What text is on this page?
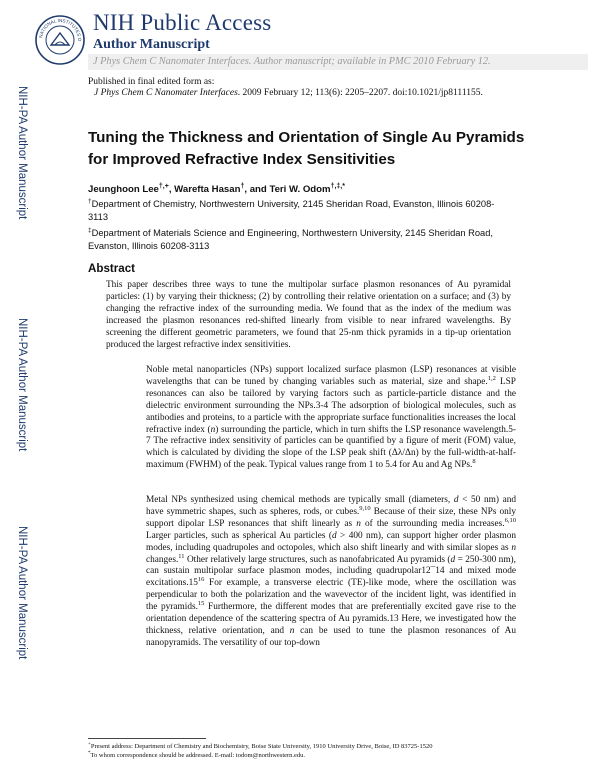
NATIONAL INSTITUTES O
NIH Public Access
Author Manuscript
J Phys Chem C Nanomater Interfaces. Author manuscript; available in PMC 2010 February 12.
Published in final edited form as:
J Phys Chem C Nanomater Interfaces. 2009 February 12; 113(6): 2205–2207. doi:10.1021/jp8111155.
NIH-PA Author Manuscript
NIH-PA Author Manuscript
NIH-PA Author Manuscript
Tuning the Thickness and Orientation of Single Au Pyramids for Improved Refractive Index Sensitivities
Jeunghoon Lee†,+, Warefta Hasan†, and Teri W. Odom†,‡,*
†Department of Chemistry, Northwestern University, 2145 Sheridan Road, Evanston, Illinois 60208-3113
‡Department of Materials Science and Engineering, Northwestern University, 2145 Sheridan Road, Evanston, Illinois 60208-3113
Abstract
This paper describes three ways to tune the multipolar surface plasmon resonances of Au pyramidal particles: (1) by varying their thickness; (2) by controlling their relative orientation on a surface; and (3) by changing the refractive index of the surrounding media. We found that as the index of the medium was increased the plasmon resonances red-shifted linearly from visible to near infrared wavelengths. By screening the different geometric parameters, we found that 25-nm thick pyramids in a tip-up orientation produced the largest refractive index sensitivities.
Noble metal nanoparticles (NPs) support localized surface plasmon (LSP) resonances at visible wavelengths that can be tuned by changing variables such as material, size and shape.$^{1,2}$ LSP resonances can also be tailored by varying factors such as particle-particle distance and the dielectric environment surrounding the NPs.3-4 The adsorption of biological molecules, such as antibodies and proteins, to a particle with the appropriate surface functionalities increases the local refractive index (n) surrounding the particle, which in turn shifts the LSP resonance wavelength.5-7 The refractive index sensitivity of particles can be quantified by a figure of merit (FOM) value, which is calculated by dividing the slope of the LSP peak shift (Δλ/Δn) by the full-width-at-half-maximum (FWHM) of the peak. Typical values range from 1 to 5.4 for Au and Ag NPs.$^8$
Metal NPs synthesized using chemical methods are typically small (diameters, d < 50 nm) and have symmetric shapes, such as spheres, rods, or cubes.$^{9,10}$ Because of their size, these NPs only support dipolar LSP resonances that shift linearly as n of the surrounding media increases.$^{6,10}$ Larger particles, such as spherical Au particles (d > 400 nm), can support higher order plasmon modes, including quadrupoles and octopoles, which also shift linearly and with similar slopes as n changes.$^{11}$ Other relatively large structures, such as nanofabricated Au pyramids (d = 250-300 nm), can sustain multipolar surface plasmon modes, including quadrupolar12¯14 and mixed mode $excitations.15^{16}$ For example, a transverse electric (TE)-like mode, where the oscillation was perpendicular to both the polarization and the wavevector of the incident light, was identified in the pyramids.$^{15}$ Furthermore, the different modes that are preferentially excited gave rise to the orientation dependence of the scattering spectra of Au pyramids.13 Here, we investigated how the thickness, relative orientation, and n can be used to tune the plasmon resonances of Au nanopyramids. The versatility of our top-down
+Present address: Department of Chemistry and Biochemistry, Boise State University, 1910 University Drive, Boise, ID 83725-1520
*To whom correspondence should be addressed. E-mail: todom@northwestern.edu.
